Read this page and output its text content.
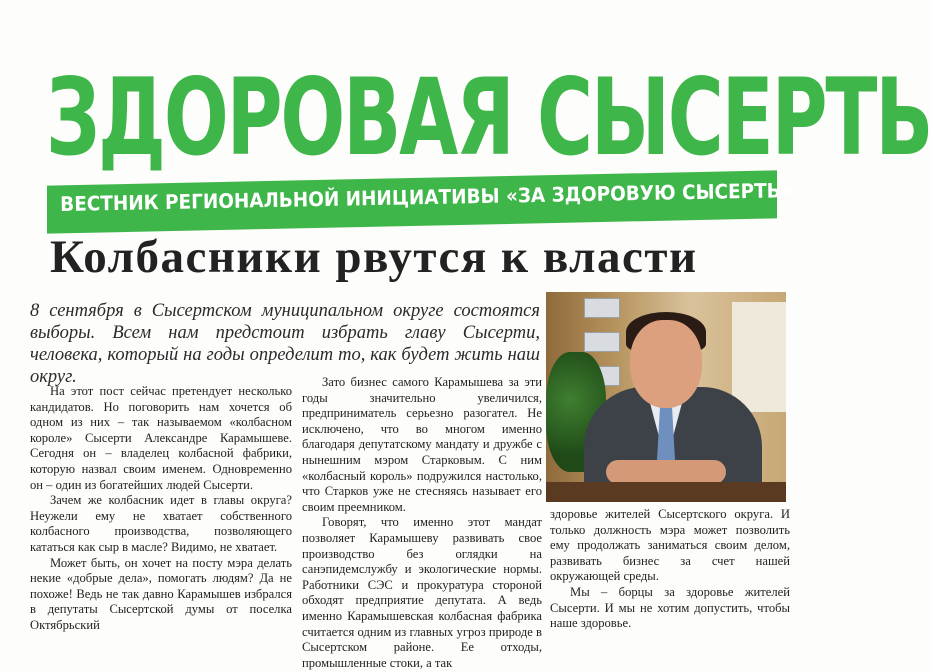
ЗДОРОВАЯ СЫСЕРТЬ
ВЕСТНИК РЕГИОНАЛЬНОЙ ИНИЦИАТИВЫ «ЗА ЗДОРОВУЮ СЫСЕРТЬ»
Колбасники рвутся к власти
8 сентября в Сысертском муниципальном округе состоятся выборы. Всем нам предстоит избрать главу Сысерти, человека, который на годы определит то, как будет жить наш округ.

На этот пост сейчас претендует несколько кандидатов. Но поговорить нам хочется об одном из них – так называемом «колбасном короле» Сысерти Александре Карамышеве. Сегодня он – владелец колбасной фабрики, которую назвал своим именем. Одновременно он – один из богатейших людей Сысерти.

Зачем же колбасник идет в главы округа? Неужели ему не хватает собственного колбасного производства, позволяющего кататься как сыр в масле? Видимо, не хватает.

Может быть, он хочет на посту мэра делать некие «добрые дела», помогать людям? Да не похоже! Ведь не так давно Карамышев избрался в депутаты Сысертской думы от поселка Октябрьский

Зато бизнес самого Карамышева за эти годы значительно увеличился, предприниматель серьезно разогател. Не исключено, что во многом именно благодаря депутатскому мандату и дружбе с нынешним мэром Старковым. С ним «колбасный король» подружился настолько, что Старков уже не стесняясь называет его своим преемником.

Говорят, что именно этот мандат позволяет Карамышеву развивать свое производство без оглядки на санэпидемслужбу и экологические нормы. Работники СЭС и прокуратура стороной обходят предприятие депутата. А ведь именно Карамышевская колбасная фабрика считается одним из главных угроз природе в Сысертском районе. Ее отходы, промышленные стоки, а так

здоровье жителей Сысертского округа. И только должность мэра может позволить ему продолжать заниматься своим делом, развивать бизнес за счет нашей окружающей среды.

Мы – борцы за здоровье жителей Сысерти. И мы не хотим допустить, чтобы наше здоровье.
